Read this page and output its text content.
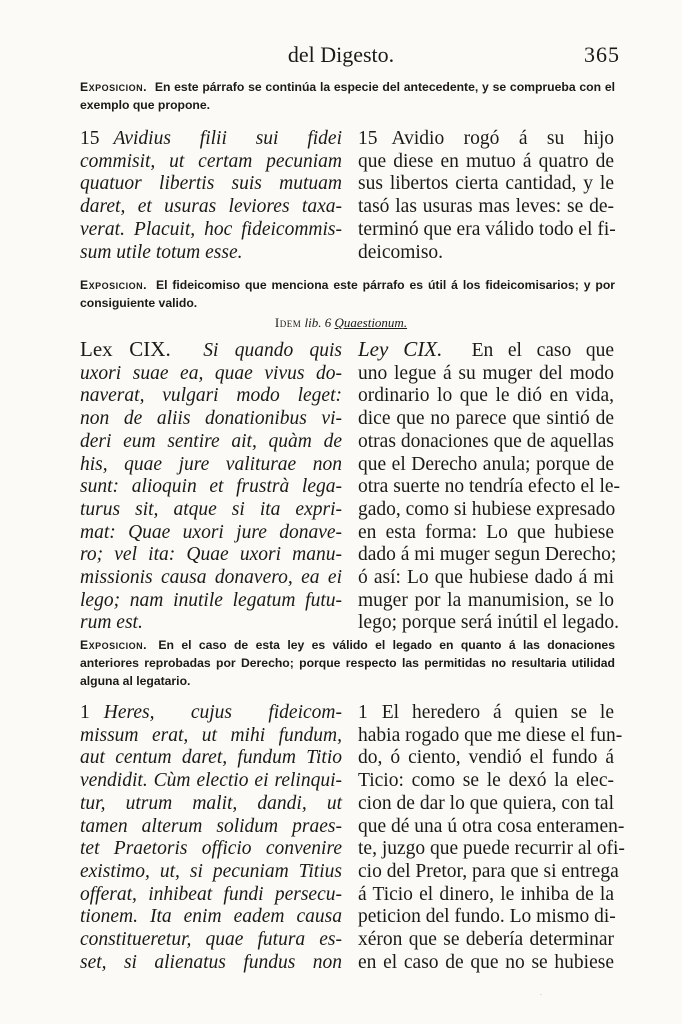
del Digesto.	365
Exposicion. En este párrafo se continúa la especie del antecedente, y se comprueba con el exemplo que propone.
15 Avidius filii sui fidei
commisit, ut certam pecuniam
quatuor libertis suis mutuam
daret, et usuras leviores taxa-
verat. Placuit, hoc fideicommis-
sum utile totum esse.
15 Avidio rogó á su hijo
que diese en mutuo á quatro de
sus libertos cierta cantidad, y le
tasó las usuras mas leves: se de-
terminó que era válido todo el fi-
deicomiso.
Exposicion. El fideicomiso que menciona este párrafo es útil á los fideicomisarios; y por consiguiente valido.
Idem lib. 6 Quaestionum.
Lex CIX. Si quando quis
uxori suae ea, quae vivus do-
naverat, vulgari modo leget:
non de aliis donationibus vi-
deri eum sentire ait, quàm de
his, quae jure valiturae non
sunt: alioquin et frustrà lega-
turus sit, atque si ita expri-
mat: Quae uxori jure donave-
ro; vel ita: Quae uxori manu-
missionis causa donavero, ea ei
lego; nam inutile legatum futu-
rum est.
Ley CIX. En el caso que
uno legue á su muger del modo
ordinario lo que le dió en vida,
dice que no parece que sintió de
otras donaciones que de aquellas
que el Derecho anula; porque de
otra suerte no tendría efecto el le-
gado, como si hubiese expresado
en esta forma: Lo que hubiese
dado á mi muger segun Derecho;
ó así: Lo que hubiese dado á mi
muger por la manumision, se lo
lego; porque será inútil el legado.
Exposicion. En el caso de esta ley es válido el legado en quanto á las donaciones anteriores reprobadas por Derecho; porque respecto las permitidas no resultaria utilidad alguna al legatario.
1 Heres, cujus fideicom-
missum erat, ut mihi fundum,
aut centum daret, fundum Titio
vendidit. Cùm electio ei relinqui-
tur, utrum malit, dandi, ut
tamen alterum solidum praes-
tet Praetoris officio convenire
existimo, ut, si pecuniam Titius
offerat, inhibeat fundi persecu-
tionem. Ita enim eadem causa
constitueretur, quae futura es-
set, si alienatus fundus non
1 El heredero á quien se le
habia rogado que me diese el fun-
do, ó ciento, vendió el fundo á
Ticio: como se le dexó la elec-
cion de dar lo que quiera, con tal
que dé una ú otra cosa enteramen-
te, juzgo que puede recurrir al ofi-
cio del Pretor, para que si entrega
á Ticio el dinero, le inhiba de la
peticion del fundo. Lo mismo di-
xéron que se debería determinar
en el caso de que no se hubiese
·
